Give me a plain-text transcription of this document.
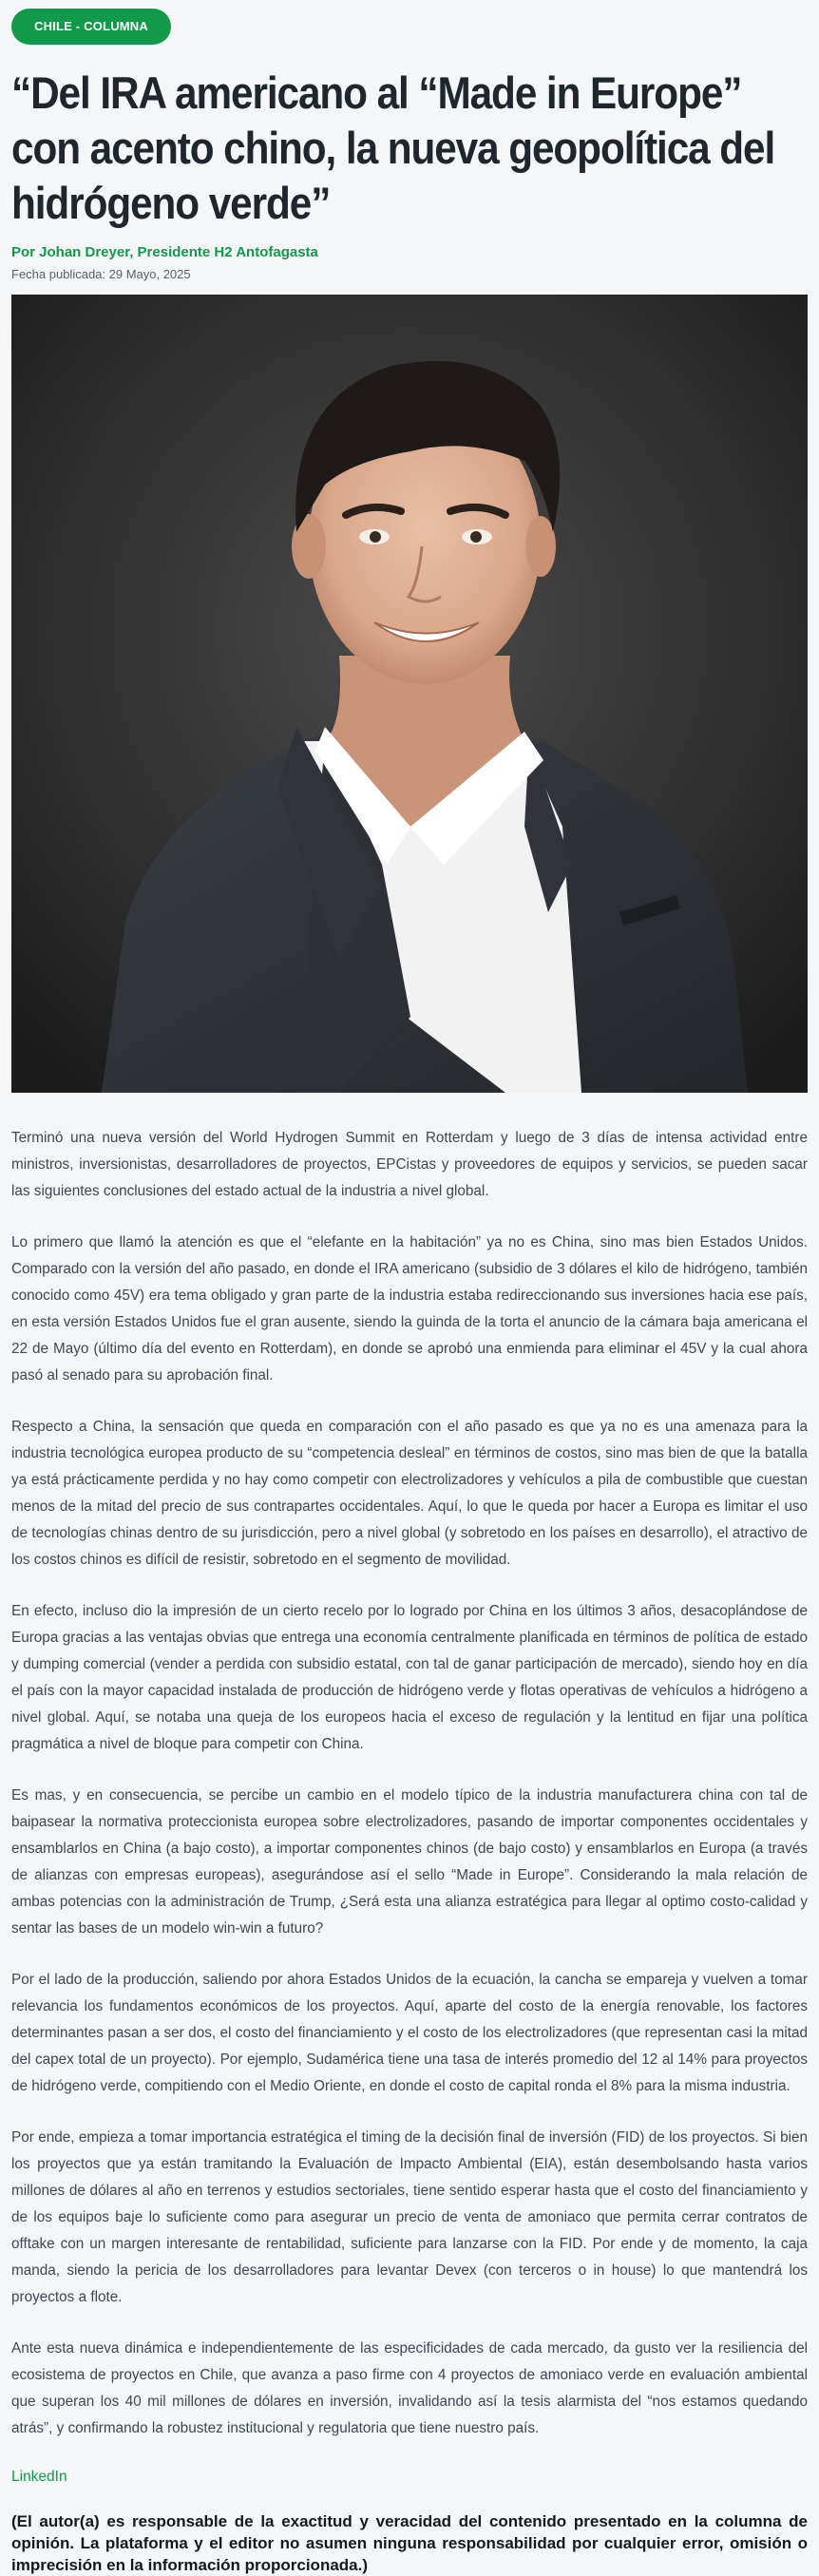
CHILE - COLUMNA
“Del IRA americano al “Made in Europe” con acento chino, la nueva geopolítica del hidrógeno verde”
Por Johan Dreyer, Presidente H2 Antofagasta
Fecha publicada: 29 Mayo, 2025

Terminó una nueva versión del World Hydrogen Summit en Rotterdam y luego de 3 días de intensa actividad entre ministros, inversionistas, desarrolladores de proyectos, EPCistas y proveedores de equipos y servicios, se pueden sacar las siguientes conclusiones del estado actual de la industria a nivel global.

Lo primero que llamó la atención es que el “elefante en la habitación” ya no es China, sino mas bien Estados Unidos. Comparado con la versión del año pasado, en donde el IRA americano (subsidio de 3 dólares el kilo de hidrógeno, también conocido como 45V) era tema obligado y gran parte de la industria estaba redireccionando sus inversiones hacia ese país, en esta versión Estados Unidos fue el gran ausente, siendo la guinda de la torta el anuncio de la cámara baja americana el 22 de Mayo (último día del evento en Rotterdam), en donde se aprobó una enmienda para eliminar el 45V y la cual ahora pasó al senado para su aprobación final.

Respecto a China, la sensación que queda en comparación con el año pasado es que ya no es una amenaza para la industria tecnológica europea producto de su “competencia desleal” en términos de costos, sino mas bien de que la batalla ya está prácticamente perdida y no hay como competir con electrolizadores y vehículos a pila de combustible que cuestan menos de la mitad del precio de sus contrapartes occidentales. Aquí, lo que le queda por hacer a Europa es limitar el uso de tecnologías chinas dentro de su jurisdicción, pero a nivel global (y sobretodo en los países en desarrollo), el atractivo de los costos chinos es difícil de resistir, sobretodo en el segmento de movilidad.

En efecto, incluso dio la impresión de un cierto recelo por lo logrado por China en los últimos 3 años, desacoplándose de Europa gracias a las ventajas obvias que entrega una economía centralmente planificada en términos de política de estado y dumping comercial (vender a perdida con subsidio estatal, con tal de ganar participación de mercado), siendo hoy en día el país con la mayor capacidad instalada de producción de hidrógeno verde y flotas operativas de vehículos a hidrógeno a nivel global. Aquí, se notaba una queja de los europeos hacia el exceso de regulación y la lentitud en fijar una política pragmática a nivel de bloque para competir con China.

Es mas, y en consecuencia, se percibe un cambio en el modelo típico de la industria manufacturera china con tal de baipasear la normativa proteccionista europea sobre electrolizadores, pasando de importar componentes occidentales y ensamblarlos en China (a bajo costo), a importar componentes chinos (de bajo costo) y ensamblarlos en Europa (a través de alianzas con empresas europeas), asegurándose así el sello “Made in Europe”. Considerando la mala relación de ambas potencias con la administración de Trump, ¿Será esta una alianza estratégica para llegar al optimo costo-calidad y sentar las bases de un modelo win-win a futuro?

Por el lado de la producción, saliendo por ahora Estados Unidos de la ecuación, la cancha se empareja y vuelven a tomar relevancia los fundamentos económicos de los proyectos. Aquí, aparte del costo de la energía renovable, los factores determinantes pasan a ser dos, el costo del financiamiento y el costo de los electrolizadores (que representan casi la mitad del capex total de un proyecto). Por ejemplo, Sudamérica tiene una tasa de interés promedio del 12 al 14% para proyectos de hidrógeno verde, compitiendo con el Medio Oriente, en donde el costo de capital ronda el 8% para la misma industria.

Por ende, empieza a tomar importancia estratégica el timing de la decisión final de inversión (FID) de los proyectos. Si bien los proyectos que ya están tramitando la Evaluación de Impacto Ambiental (EIA), están desembolsando hasta varios millones de dólares al año en terrenos y estudios sectoriales, tiene sentido esperar hasta que el costo del financiamiento y de los equipos baje lo suficiente como para asegurar un precio de venta de amoniaco que permita cerrar contratos de offtake con un margen interesante de rentabilidad, suficiente para lanzarse con la FID. Por ende y de momento, la caja manda, siendo la pericia de los desarrolladores para levantar Devex (con terceros o in house) lo que mantendrá los proyectos a flote.

Ante esta nueva dinámica e independientemente de las especificidades de cada mercado, da gusto ver la resiliencia del ecosistema de proyectos en Chile, que avanza a paso firme con 4 proyectos de amoniaco verde en evaluación ambiental que superan los 40 mil millones de dólares en inversión, invalidando así la tesis alarmista del “nos estamos quedando atrás”, y confirmando la robustez institucional y regulatoria que tiene nuestro país.

LinkedIn
(El autor(a) es responsable de la exactitud y veracidad del contenido presentado en la columna de opinión. La plataforma y el editor no asumen ninguna responsabilidad por cualquier error, omisión o imprecisión en la información proporcionada.)
